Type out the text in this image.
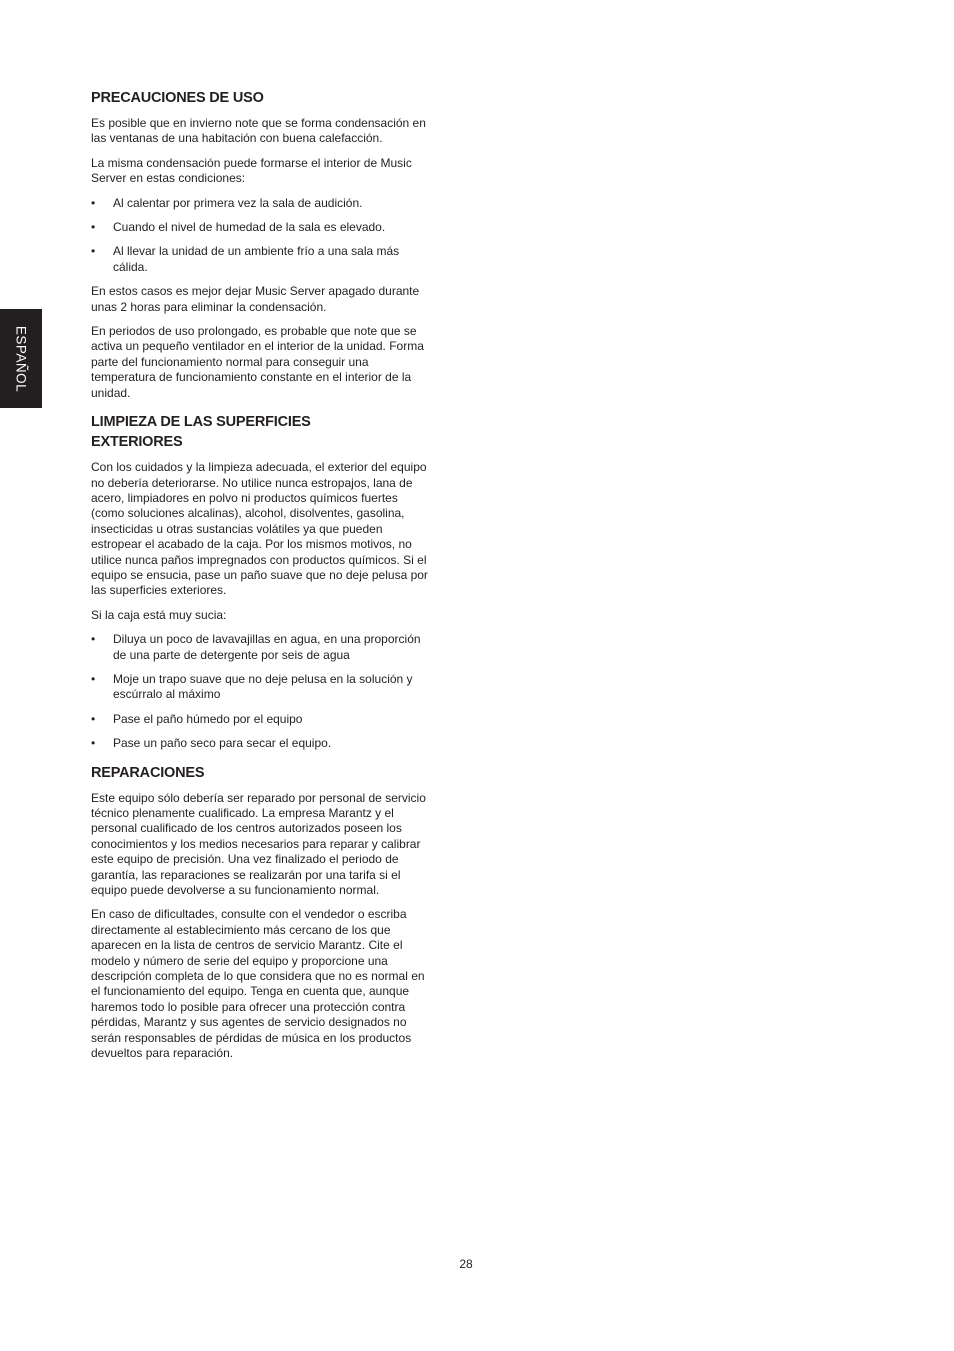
ESPAÑOL
PRECAUCIONES DE USO

Es posible que en invierno note que se forma condensación en las ventanas de una habitación con buena calefacción.

La misma condensación puede formarse el interior de Music Server en estas condiciones:

• Al calentar por primera vez la sala de audición.
• Cuando el nivel de humedad de la sala es elevado.
• Al llevar la unidad de un ambiente frío a una sala más cálida.

En estos casos es mejor dejar Music Server apagado durante unas 2 horas para eliminar la condensación.

En periodos de uso prolongado, es probable que note que se activa un pequeño ventilador en el interior de la unidad. Forma parte del funcionamiento normal para conseguir una temperatura de funcionamiento constante en el interior de la unidad.

LIMPIEZA DE LAS SUPERFICIES
EXTERIORES

Con los cuidados y la limpieza adecuada, el exterior del equipo no debería deteriorarse. No utilice nunca estropajos, lana de acero, limpiadores en polvo ni productos químicos fuertes (como soluciones alcalinas), alcohol, disolventes, gasolina, insecticidas u otras sustancias volátiles ya que pueden estropear el acabado de la caja. Por los mismos motivos, no utilice nunca paños impregnados con productos químicos. Si el equipo se ensucia, pase un paño suave que no deje pelusa por las superficies exteriores.

Si la caja está muy sucia:

• Diluya un poco de lavavajillas en agua, en una proporción de una parte de detergente por seis de agua
• Moje un trapo suave que no deje pelusa en la solución y escúrralo al máximo
• Pase el paño húmedo por el equipo
• Pase un paño seco para secar el equipo.
REPARACIONES

Este equipo sólo debería ser reparado por personal de servicio técnico plenamente cualificado. La empresa Marantz y el personal cualificado de los centros autorizados poseen los conocimientos y los medios necesarios para reparar y calibrar este equipo de precisión. Una vez finalizado el periodo de garantía, las reparaciones se realizarán por una tarifa si el equipo puede devolverse a su funcionamiento normal.

En caso de dificultades, consulte con el vendedor o escriba directamente al establecimiento más cercano de los que aparecen en la lista de centros de servicio Marantz. Cite el modelo y número de serie del equipo y proporcione una descripción completa de lo que considera que no es normal en el funcionamiento del equipo. Tenga en cuenta que, aunque haremos todo lo posible para ofrecer una protección contra pérdidas, Marantz y sus agentes de servicio designados no serán responsables de pérdidas de música en los productos devueltos para reparación.

28
